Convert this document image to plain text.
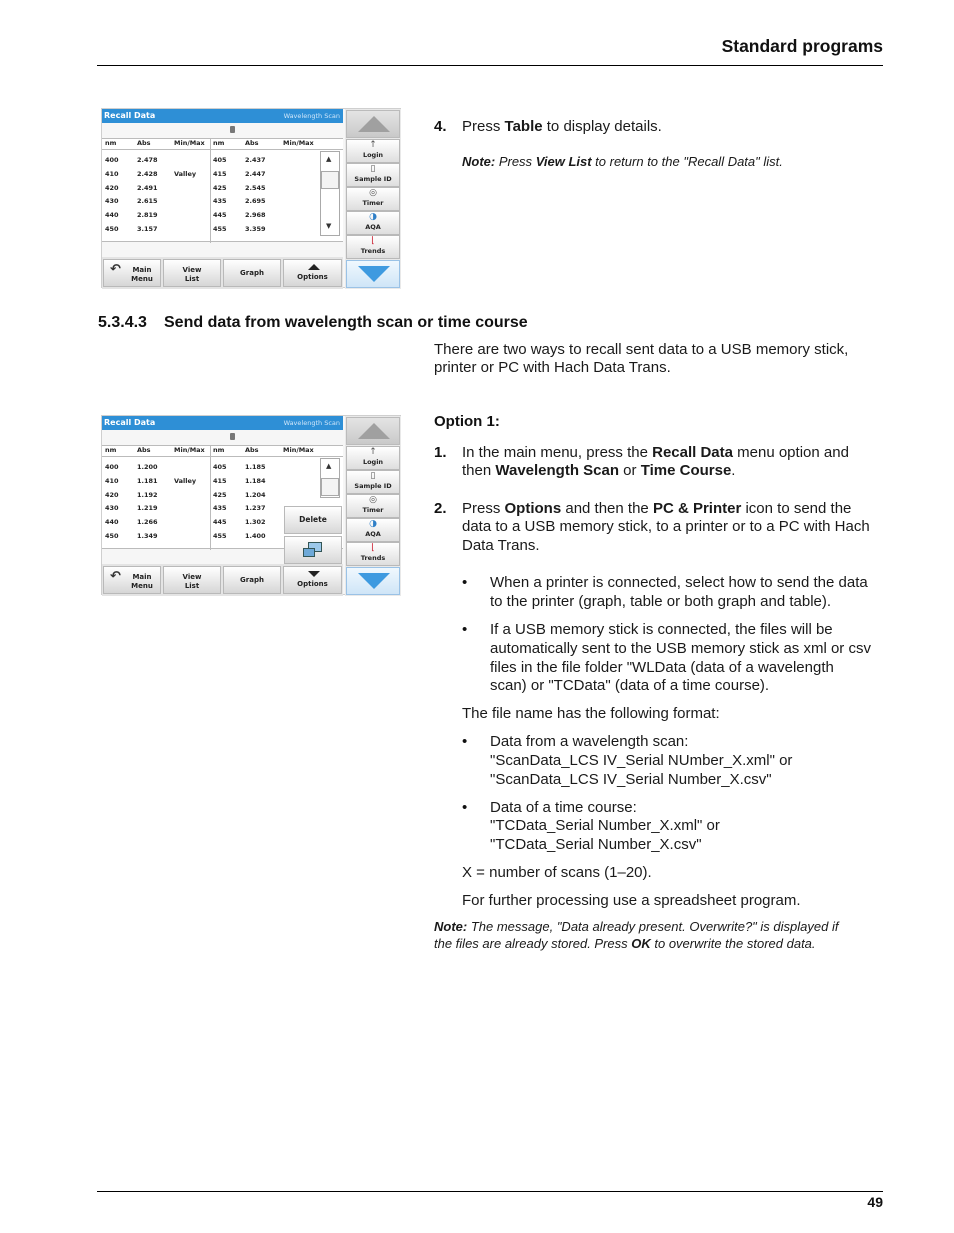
Standard programs
Recall Data	Wavelength Scan
nm	Abs	Min/Max nm	Abs	Min/Max
▲
▼
400	2.478	405	2.437
410	2.428	Valley	415	2.447
420	2.491	425	2.545
430	2.615	435	2.695
440	2.819	445	2.968
450	3.157	455	3.359
↶	Main
Menu
View
List
Graph	Options
↑
Login
▯
Sample ID
◎
Timer
◑
AQA
⌊
Trends
4. Press Table to display details.
Note: Press View List to return to the "Recall Data" list.
5.3.4.3 Send data from wavelength scan or time course
There are two ways to recall sent data to a USB memory stick,
printer or PC with Hach Data Trans.
Recall Data	Wavelength Scan
nm	Abs	Min/Max nm	Abs	Min/Max
▲
400	1.200	405	1.185
410	1.181	Valley	415	1.184
420	1.192	425	1.204
430	1.219	435	1.237
440	1.266	445	1.302
450	1.349	455	1.400
Delete
↶	Main
Menu
View
List
Graph	Options
↑
Login
▯
Sample ID
◎
Timer
◑
AQA
⌊
Trends
Option 1:
1. In the main menu, press the Recall Data menu option and
then Wavelength Scan or Time Course.
2. Press Options and then the PC & Printer icon to send the
data to a USB memory stick, to a printer or to a PC with Hach
Data Trans.
• When a printer is connected, select how to send the data
to the printer (graph, table or both graph and table).
• If a USB memory stick is connected, the files will be
automatically sent to the USB memory stick as xml or csv
files in the file folder "WLData (data of a wavelength
scan) or "TCData" (data of a time course).
The file name has the following format:
• Data from a wavelength scan:
"ScanData_LCS IV_Serial NUmber_X.xml" or
"ScanData_LCS IV_Serial Number_X.csv"
• Data of a time course:
"TCData_Serial Number_X.xml" or
"TCData_Serial Number_X.csv"
X = number of scans (1–20).
For further processing use a spreadsheet program.
Note: The message, "Data already present. Overwrite?" is displayed if
the files are already stored. Press OK to overwrite the stored data.
49
